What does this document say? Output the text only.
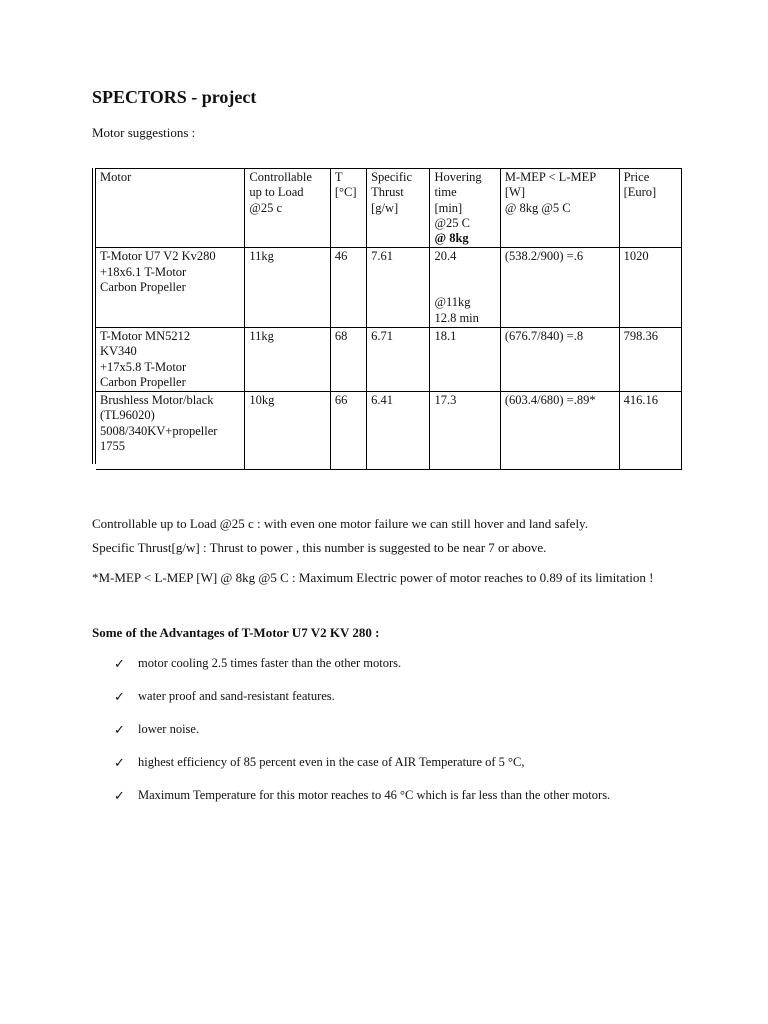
SPECTORS - project
Motor suggestions :
Motor	Controllable
up to Load
@25 c	T
[°C]	Specific
Thrust
[g/w]	Hovering
time
[min]
@25 C
@ 8kg	M-MEP < L-MEP
[W]
@ 8kg @5 C	Price
[Euro]
T-Motor U7 V2 Kv280
+18x6.1 T-Motor
Carbon Propeller	11kg	46	7.61	20.4

@11kg
12.8 min	(538.2/900) =.6	1020
T-Motor MN5212
KV340
+17x5.8 T-Motor
Carbon Propeller	11kg	68	6.71	18.1	(676.7/840) =.8	798.36
Brushless Motor/black
(TL96020)
5008/340KV+propeller
1755	10kg	66	6.41	17.3	(603.4/680) =.89*	416.16

Controllable up to Load @25 c : with even one motor failure we can still hover and land safely.

Specific Thrust[g/w] : Thrust to power , this number is suggested to be near 7 or above.

*M-MEP < L-MEP [W] @ 8kg @5 C : Maximum Electric power of motor reaches to 0.89 of its limitation !

Some of the Advantages of T-Motor U7 V2 KV 280 :
✓	motor cooling 2.5 times faster than the other motors.
✓	water proof and sand-resistant features.
✓	lower noise.
✓	highest efficiency of 85 percent even in the case of AIR Temperature of 5 °C,
✓	Maximum Temperature for this motor reaches to 46 °C which is far less than the other motors.
